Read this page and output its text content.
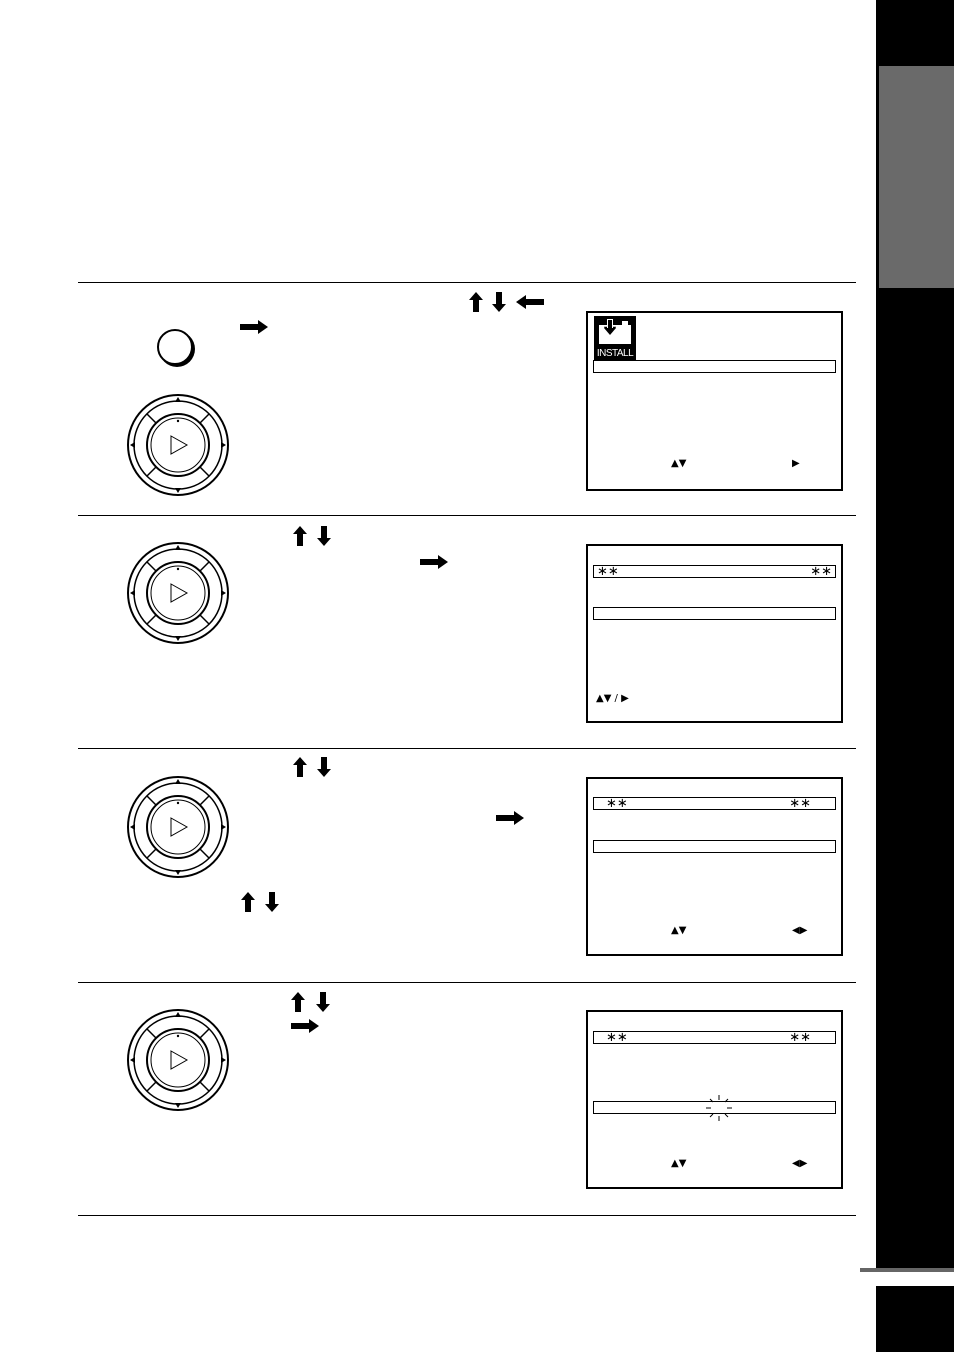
INSTALL
▲▼	▶
∗∗	∗∗
▲▼ / ▶
∗∗	∗∗
▲▼	◀▶
∗∗	∗∗
▲▼	◀▶
